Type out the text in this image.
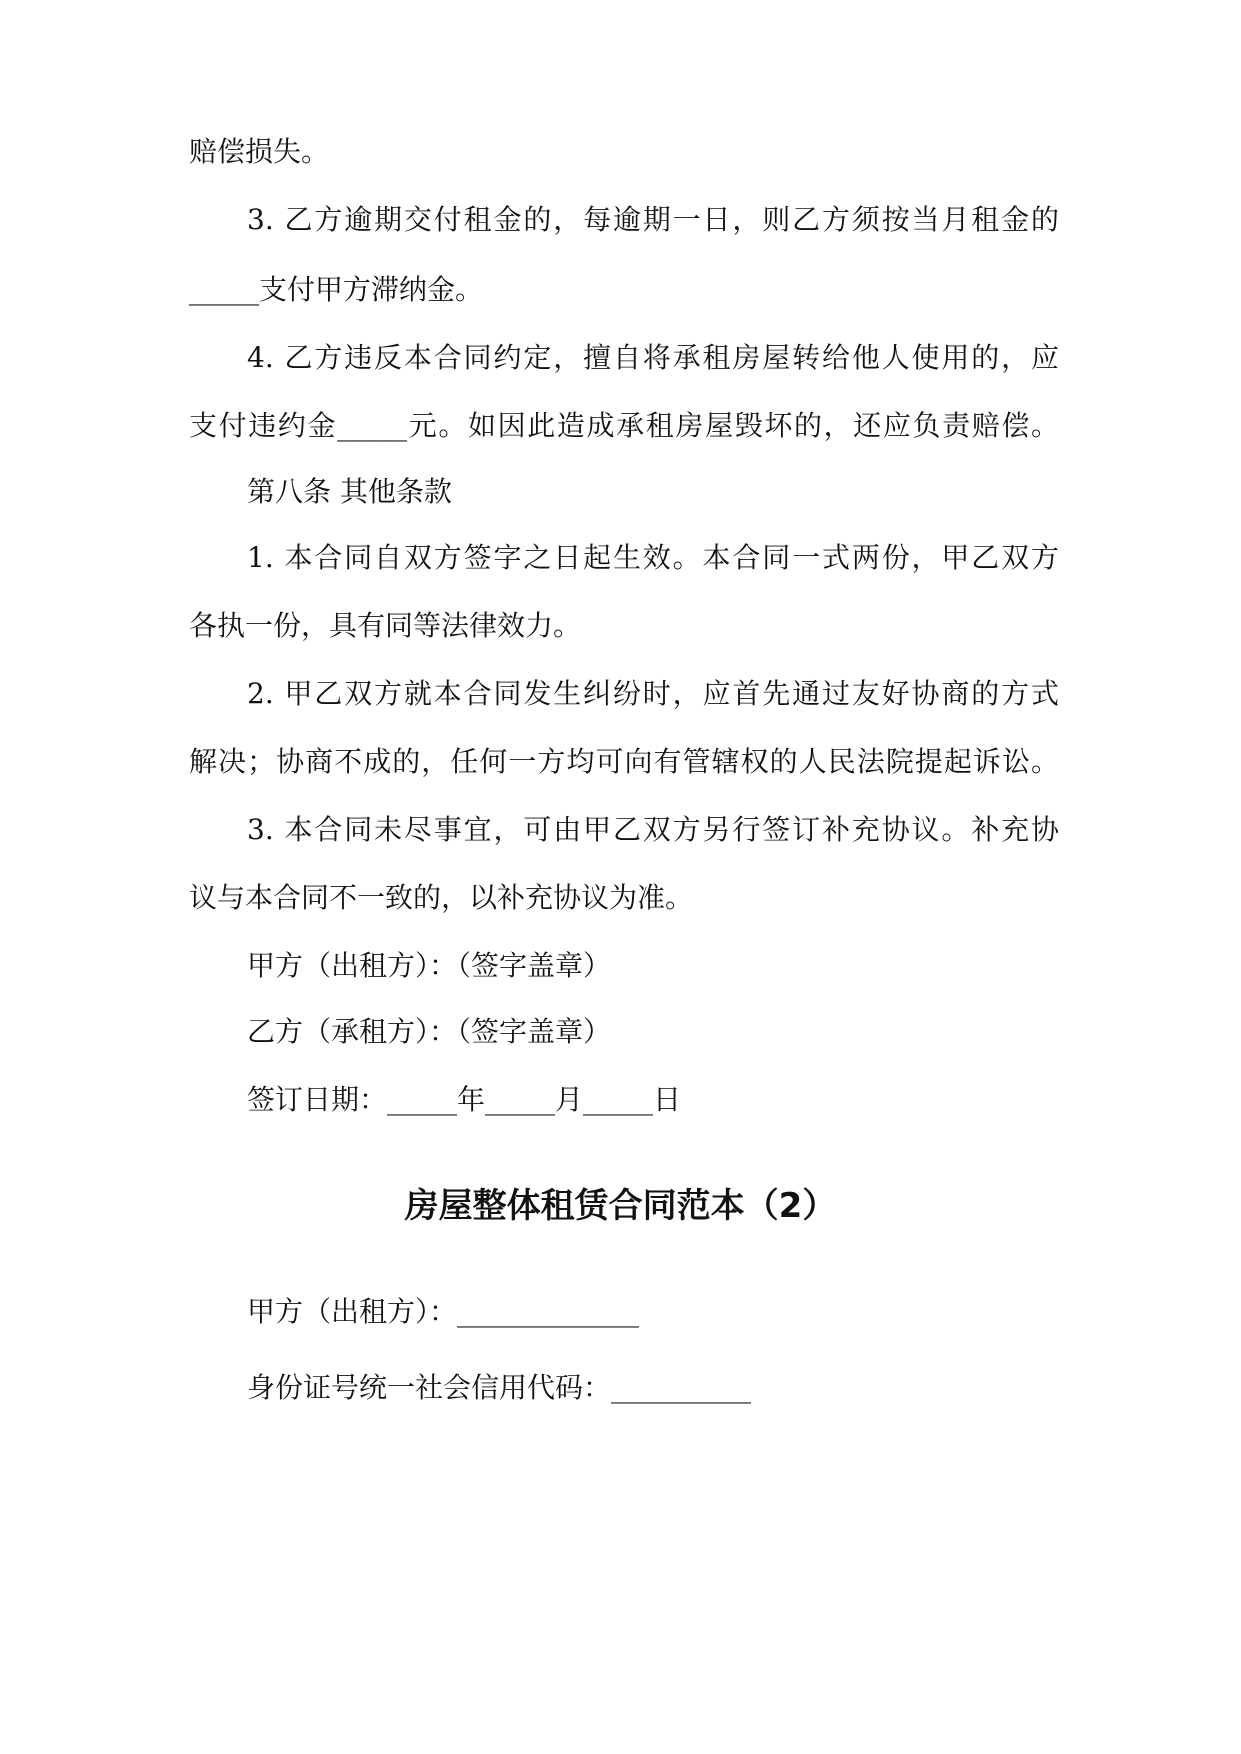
赔偿损失。
3. 乙方逾期交付租金的，每逾期一日，则乙方须按当月租金的
_____支付甲方滞纳金。
4. 乙方违反本合同约定，擅自将承租房屋转给他人使用的，应
支付违约金_____元。如因此造成承租房屋毁坏的，还应负责赔偿。
第八条 其他条款
1. 本合同自双方签字之日起生效。本合同一式两份，甲乙双方
各执一份，具有同等法律效力。
2. 甲乙双方就本合同发生纠纷时，应首先通过友好协商的方式
解决；协商不成的，任何一方均可向有管辖权的人民法院提起诉讼。
3. 本合同未尽事宜，可由甲乙双方另行签订补充协议。补充协
议与本合同不一致的，以补充协议为准。
甲方（出租方）：（签字盖章）
乙方（承租方）：（签字盖章）
签订日期：_____年_____月_____日
房屋整体租赁合同范本（2）
甲方（出租方）：_____________
身份证号统一社会信用代码：__________
